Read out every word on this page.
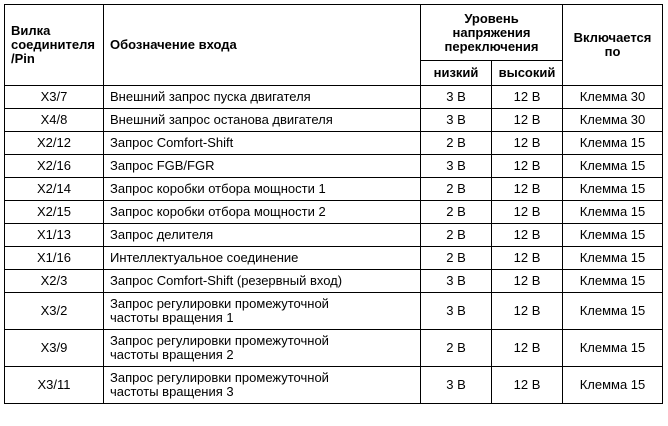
Вилка соединителя /Pin	Обозначение входа	Уровень напряжения переключения		Включается по

		низкий	высокий	
X3/7	Внешний запрос пуска двигателя	3 В	12 В	Клемма 30
X4/8	Внешний запрос останова двигателя	3 В	12 В	Клемма 30
X2/12	Запрос Comfort-Shift	2 В	12 В	Клемма 15
X2/16	Запрос FGB/FGR	3 В	12 В	Клемма 15
X2/14	Запрос коробки отбора мощности 1	2 В	12 В	Клемма 15
X2/15	Запрос коробки отбора мощности 2	2 В	12 В	Клемма 15
X1/13	Запрос делителя	2 В	12 В	Клемма 15
X1/16	Интеллектуальное соединение	2 В	12 В	Клемма 15
X2/3	Запрос Comfort-Shift (резервный вход)	3 В	12 В	Клемма 15
X3/2	Запрос регулировки промежуточной частоты вращения 1	3 В	12 В	Клемма 15
X3/9	Запрос регулировки промежуточной частоты вращения 2	2 В	12 В	Клемма 15
X3/11	Запрос регулировки промежуточной частоты вращения 3	3 В	12 В	Клемма 15
